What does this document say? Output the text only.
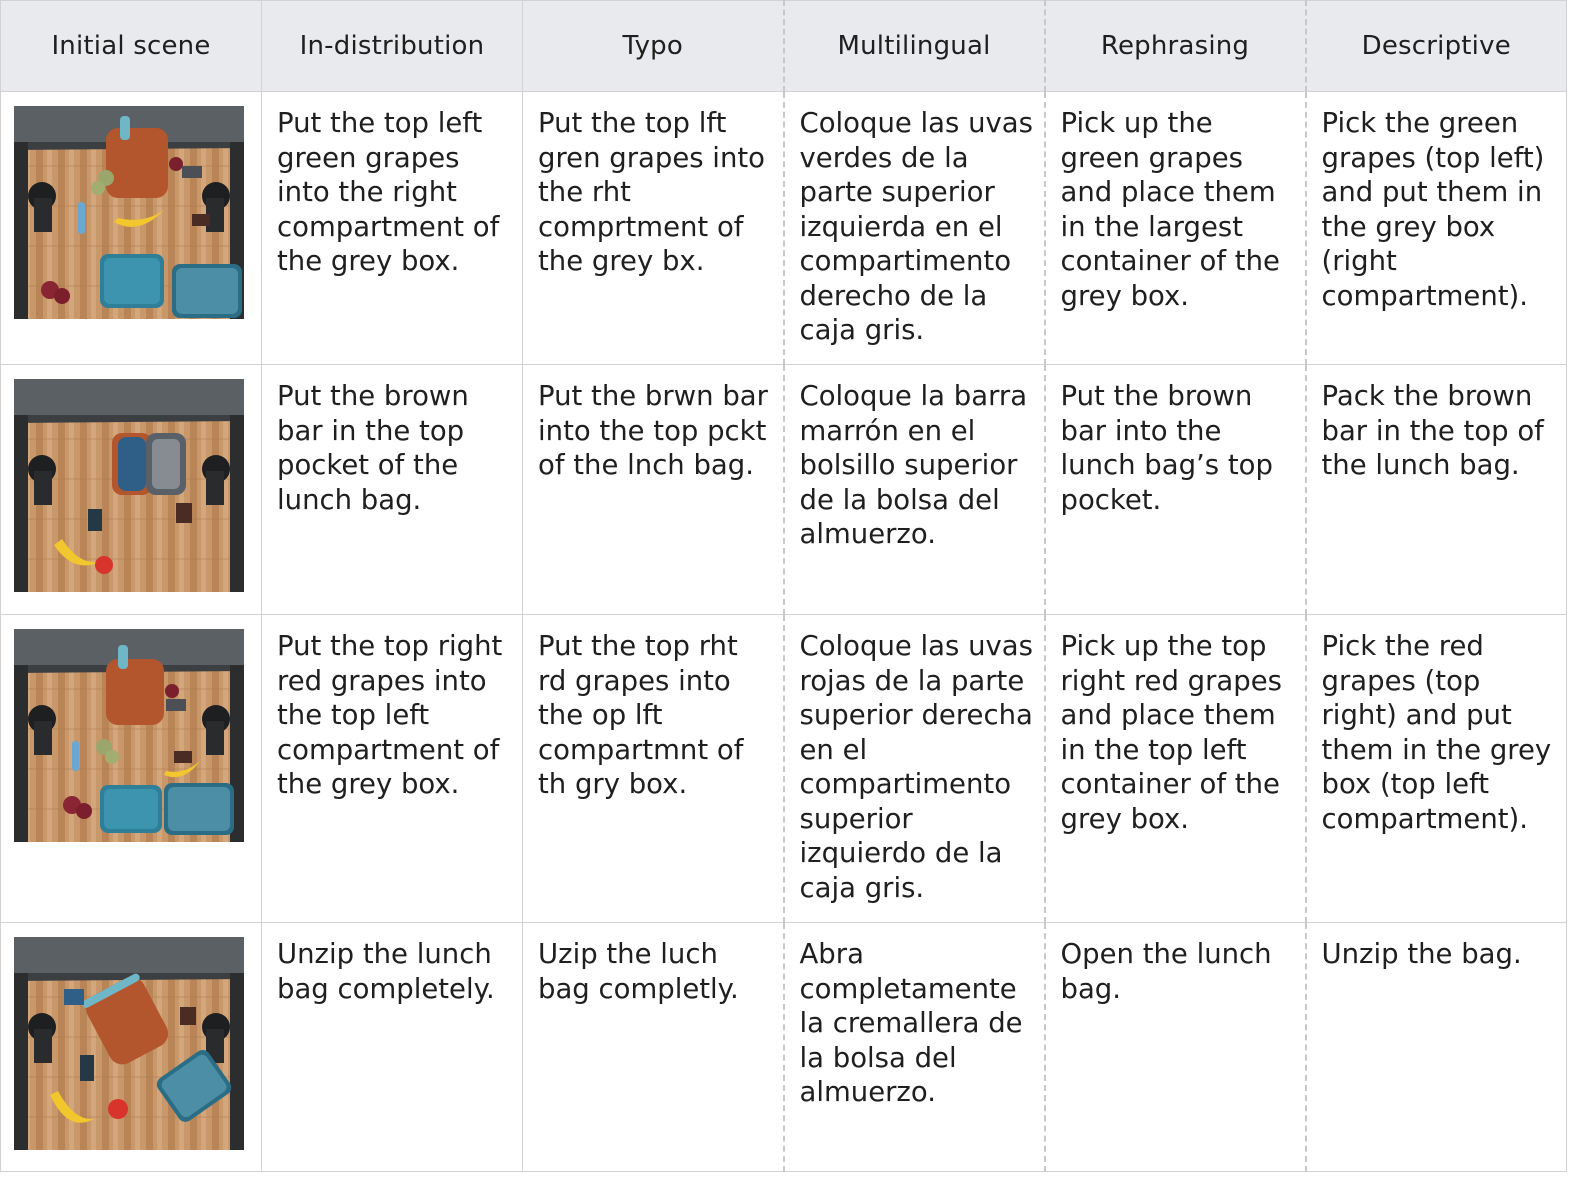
Initial scene	In-distribution	Typo	Multilingual	Rephrasing	Descriptive

	Put the top left green grapes into the right compartment of the grey box.	Put the top lft gren grapes into the rht comprtment of the grey bx.	Coloque las uvas verdes de la parte superior izquierda en el compartimento derecho de la caja gris.	Pick up the green grapes and place them in the largest container of the grey box.	Pick the green grapes (top left) and put them in the grey box (right compartment).

	Put the brown bar in the top pocket of the lunch bag.	Put the brwn bar into the top pckt of the lnch bag.	Coloque la barra marrón en el bolsillo superior de la bolsa del almuerzo.	Put the brown bar into the lunch bag’s top pocket.	Pack the brown bar in the top of the lunch bag.

	Put the top right red grapes into the top left compartment of the grey box.	Put the top rht rd grapes into the op lft compartmnt of th gry box.	Coloque las uvas rojas de la parte superior derecha en el compartimento superior izquierdo de la caja gris.	Pick up the top right red grapes and place them in the top left container of the grey box.	Pick the red grapes (top right) and put them in the grey box (top left compartment).

	Unzip the lunch bag completely.	Uzip the luch bag completly.	Abra completamente la cremallera de la bolsa del almuerzo.	Open the lunch bag.	Unzip the bag.
